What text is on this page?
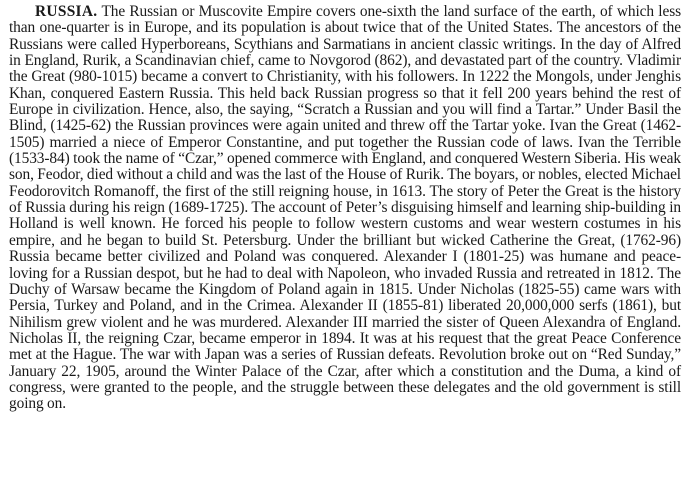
RUSSIA. The Russian or Muscovite Empire covers one-sixth the land surface of the earth, of which less than one-quarter is in Europe, and its population is about twice that of the United States. The ancestors of the Russians were called Hyperboreans, Scythians and Sarmatians in ancient classic writings. In the day of Alfred in England, Rurik, a Scandinavian chief, came to Novgorod (862), and devastated part of the country. Vladimir the Great (980-1015) became a convert to Christianity, with his followers. In 1222 the Mongols, under Jenghis Khan, conquered Eastern Russia. This held back Russian progress so that it fell 200 years behind the rest of Europe in civilization. Hence, also, the saying, “Scratch a Russian and you will find a Tartar.” Under Basil the Blind, (1425-62) the Russian provinces were again united and threw off the Tartar yoke. Ivan the Great (1462-1505) married a niece of Emperor Constantine, and put together the Russian code of laws. Ivan the Terrible (1533-84) took the name of “Czar,” opened commerce with England, and conquered Western Siberia. His weak son, Feodor, died without a child and was the last of the House of Rurik. The boyars, or nobles, elected Michael Feodorovitch Romanoff, the first of the still reigning house, in 1613. The story of Peter the Great is the history of Russia during his reign (1689-1725). The account of Peter’s disguising himself and learning ship-building in Holland is well known. He forced his people to follow western customs and wear western costumes in his empire, and he began to build St. Petersburg. Under the brilliant but wicked Catherine the Great, (1762-96) Russia became better civilized and Poland was conquered. Alexander I (1801-25) was humane and peace-loving for a Russian despot, but he had to deal with Napoleon, who invaded Russia and retreated in 1812. The Duchy of Warsaw became the Kingdom of Poland again in 1815. Under Nicholas (1825-55) came wars with Persia, Turkey and Poland, and in the Crimea. Alexander II (1855-81) liberated 20,000,000 serfs (1861), but Nihilism grew violent and he was murdered. Alexander III married the sister of Queen Alexandra of England. Nicholas II, the reigning Czar, became emperor in 1894. It was at his request that the great Peace Conference met at the Hague. The war with Japan was a series of Russian defeats. Revolution broke out on “Red Sunday,” January 22, 1905, around the Winter Palace of the Czar, after which a constitution and the Duma, a kind of congress, were granted to the people, and the struggle between these delegates and the old government is still going on.
